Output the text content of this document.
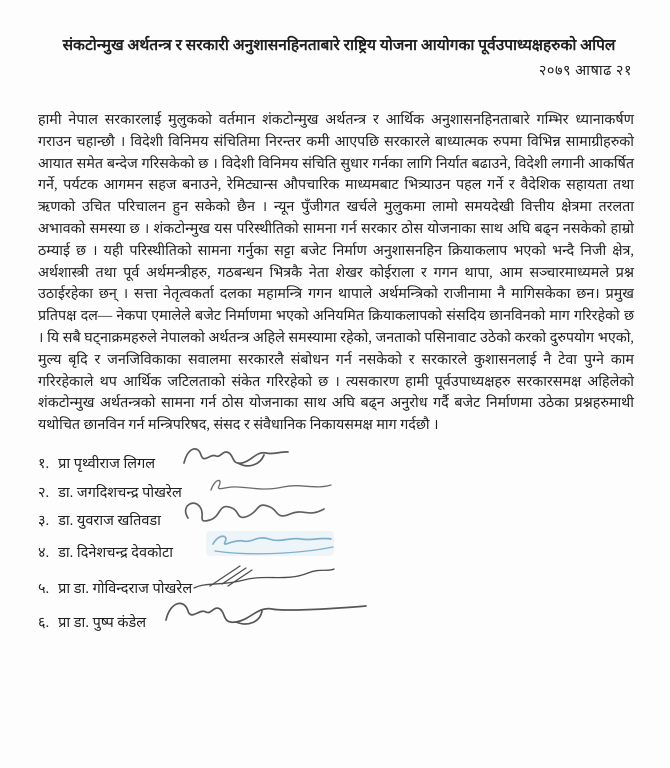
संकटोन्मुख अर्थतन्त्र र सरकारी अनुशासनहिनताबारे राष्ट्रिय योजना आयोगका पूर्वउपाध्यक्षहरुको अपिल
२०७९ आषाढ २१
हामी नेपाल सरकारलाई मुलुकको वर्तमान शंकटोन्मुख अर्थतन्त्र र आर्थिक अनुशासनहिनताबारे गम्भिर ध्यानाकर्षण गराउन चहान्छौ । विदेशी विनिमय संचितिमा निरन्तर कमी आएपछि सरकारले बाध्यात्मक रुपमा विभिन्न सामाग्रीहरुको आयात समेत बन्देज गरिसकेको छ । विदेशी विनिमय संचिति सुधार गर्नका लागि निर्यात बढाउने, विदेशी लगानी आकर्षित गर्ने, पर्यटक आगमन सहज बनाउने, रेमिट्यान्स औपचारिक माध्यमबाट भित्र्याउन पहल गर्ने र वैदेशिक सहायता तथा ऋणको उचित परिचालन हुन सकेको छैन । न्यून पुँजीगत खर्चले मुलुकमा लामो समयदेखी वित्तीय क्षेत्रमा तरलता अभावको समस्या छ । शंकटोन्मुख यस परिस्थीतिको सामना गर्न सरकार ठोस योजनाका साथ अघि बढ्न नसकेको हाम्रो ठम्याई छ । यही परिस्थीतिको सामना गर्नुका सट्टा बजेट निर्माण अनुशासनहिन क्रियाकलाप भएको भन्दै निजी क्षेत्र, अर्थशास्त्री तथा पूर्व अर्थमन्त्रीहरु, गठबन्धन भित्रकै नेता शेखर कोईराला र गगन थापा, आम सञ्चारमाध्यमले प्रश्न उठाईरहेका छन् । सत्ता नेतृत्वकर्ता दलका महामन्त्रि गगन थापाले अर्थमन्त्रिको राजीनामा नै मागिसकेका छन। प्रमुख प्रतिपक्ष दल— नेकपा एमालेले बजेट निर्माणमा भएको अनियमित क्रियाकलापको संसदिय छानविनको माग गरिरहेको छ । यि सबै घट्नाक्रमहरुले नेपालको अर्थतन्त्र अहिले समस्यामा रहेको, जनताको पसिनावाट उठेको करको दुरुपयोग भएको, मुल्य बृदि र जनजिविकाका सवालमा सरकारलै संबोधन गर्न नसकेको र सरकारले कुशासनलाई नै टेवा पुग्ने काम गरिरहेकाले थप आर्थिक जटिलताको संकेत गरिरहेको छ । त्यसकारण हामी पूर्वउपाध्यक्षहरु सरकारसमक्ष अहिलेको शंकटोन्मुख अर्थतन्त्रको सामना गर्न ठोस योजनाका साथ अघि बढ्न अनुरोध गर्दै बजेट निर्माणमा उठेका प्रश्नहरुमाथी यथोचित छानविन गर्न मन्त्रिपरिषद, संसद र संवैधानिक निकायसमक्ष माग गर्दछौ ।
१. प्रा पृथ्वीराज लिगल
२. डा. जगदिशचन्द्र पोखरेल
३. डा. युवराज खतिवडा
४. डा. दिनेशचन्द्र देवकोटा
५. प्रा डा. गोविन्दराज पोखरेल
६. प्रा डा. पुष्प कंडेल
